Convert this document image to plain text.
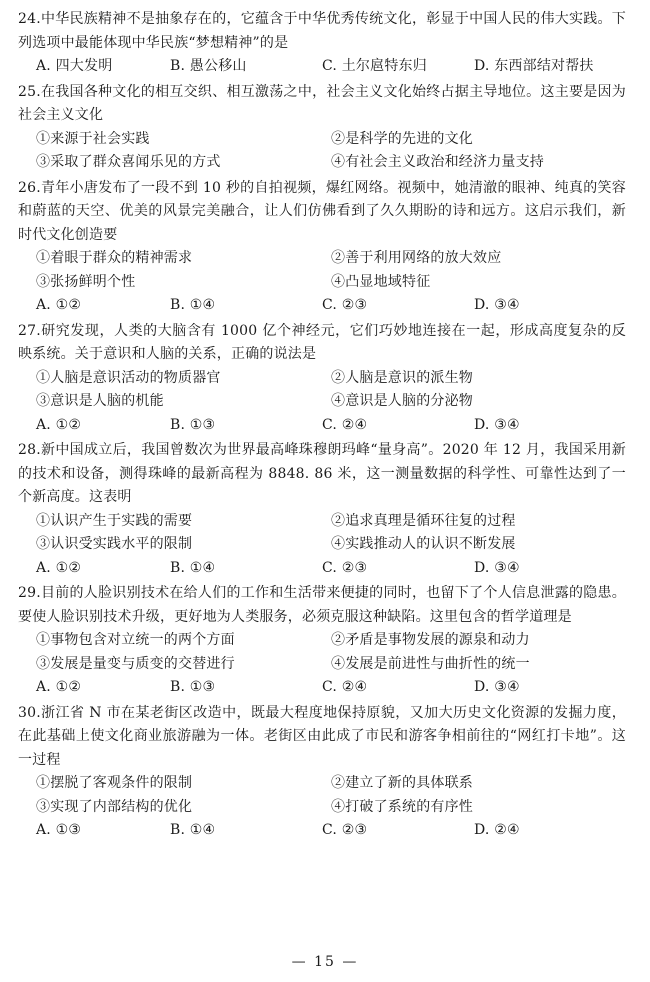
24.中华民族精神不是抽象存在的，它蕴含于中华优秀传统文化，彰显于中国人民的伟大实践。下列选项中最能体现中华民族“梦想精神”的是

A. 四大发明	B. 愚公移山	C. 土尔扈特东归	D. 东西部结对帮扶

25.在我国各种文化的相互交织、相互激荡之中，社会主义文化始终占据主导地位。这主要是因为社会主义文化

①来源于社会实践	②是科学的先进的文化
③采取了群众喜闻乐见的方式	④有社会主义政治和经济力量支持

26.青年小唐发布了一段不到 10 秒的自拍视频，爆红网络。视频中，她清澈的眼神、纯真的笑容和蔚蓝的天空、优美的风景完美融合，让人们仿佛看到了久久期盼的诗和远方。这启示我们，新时代文化创造要

①着眼于群众的精神需求	②善于利用网络的放大效应
③张扬鲜明个性	④凸显地域特征
A. ①②	B. ①④	C. ②③	D. ③④

27.研究发现，人类的大脑含有 1000 亿个神经元，它们巧妙地连接在一起，形成高度复杂的反映系统。关于意识和人脑的关系，正确的说法是

①人脑是意识活动的物质器官	②人脑是意识的派生物
③意识是人脑的机能	④意识是人脑的分泌物
A. ①②	B. ①③	C. ②④	D. ③④

28.新中国成立后，我国曾数次为世界最高峰珠穆朗玛峰“量身高”。2020 年 12 月，我国采用新的技术和设备，测得珠峰的最新高程为 8848. 86 米，这一测量数据的科学性、可靠性达到了一个新高度。这表明

①认识产生于实践的需要	②追求真理是循环往复的过程
③认识受实践水平的限制	④实践推动人的认识不断发展
A. ①②	B. ①④	C. ②③	D. ③④

29.目前的人脸识别技术在给人们的工作和生活带来便捷的同时，也留下了个人信息泄露的隐患。要使人脸识别技术升级，更好地为人类服务，必须克服这种缺陷。这里包含的哲学道理是

①事物包含对立统一的两个方面	②矛盾是事物发展的源泉和动力
③发展是量变与质变的交替进行	④发展是前进性与曲折性的统一
A. ①②	B. ①③	C. ②④	D. ③④

30.浙江省 N 市在某老街区改造中，既最大程度地保持原貌，又加大历史文化资源的发掘力度，在此基础上使文化商业旅游融为一体。老街区由此成了市民和游客争相前往的“网红打卡地”。这一过程

①摆脱了客观条件的限制	②建立了新的具体联系
③实现了内部结构的优化	④打破了系统的有序性
A. ①③	B. ①④	C. ②③	D. ②④
— 15 —
